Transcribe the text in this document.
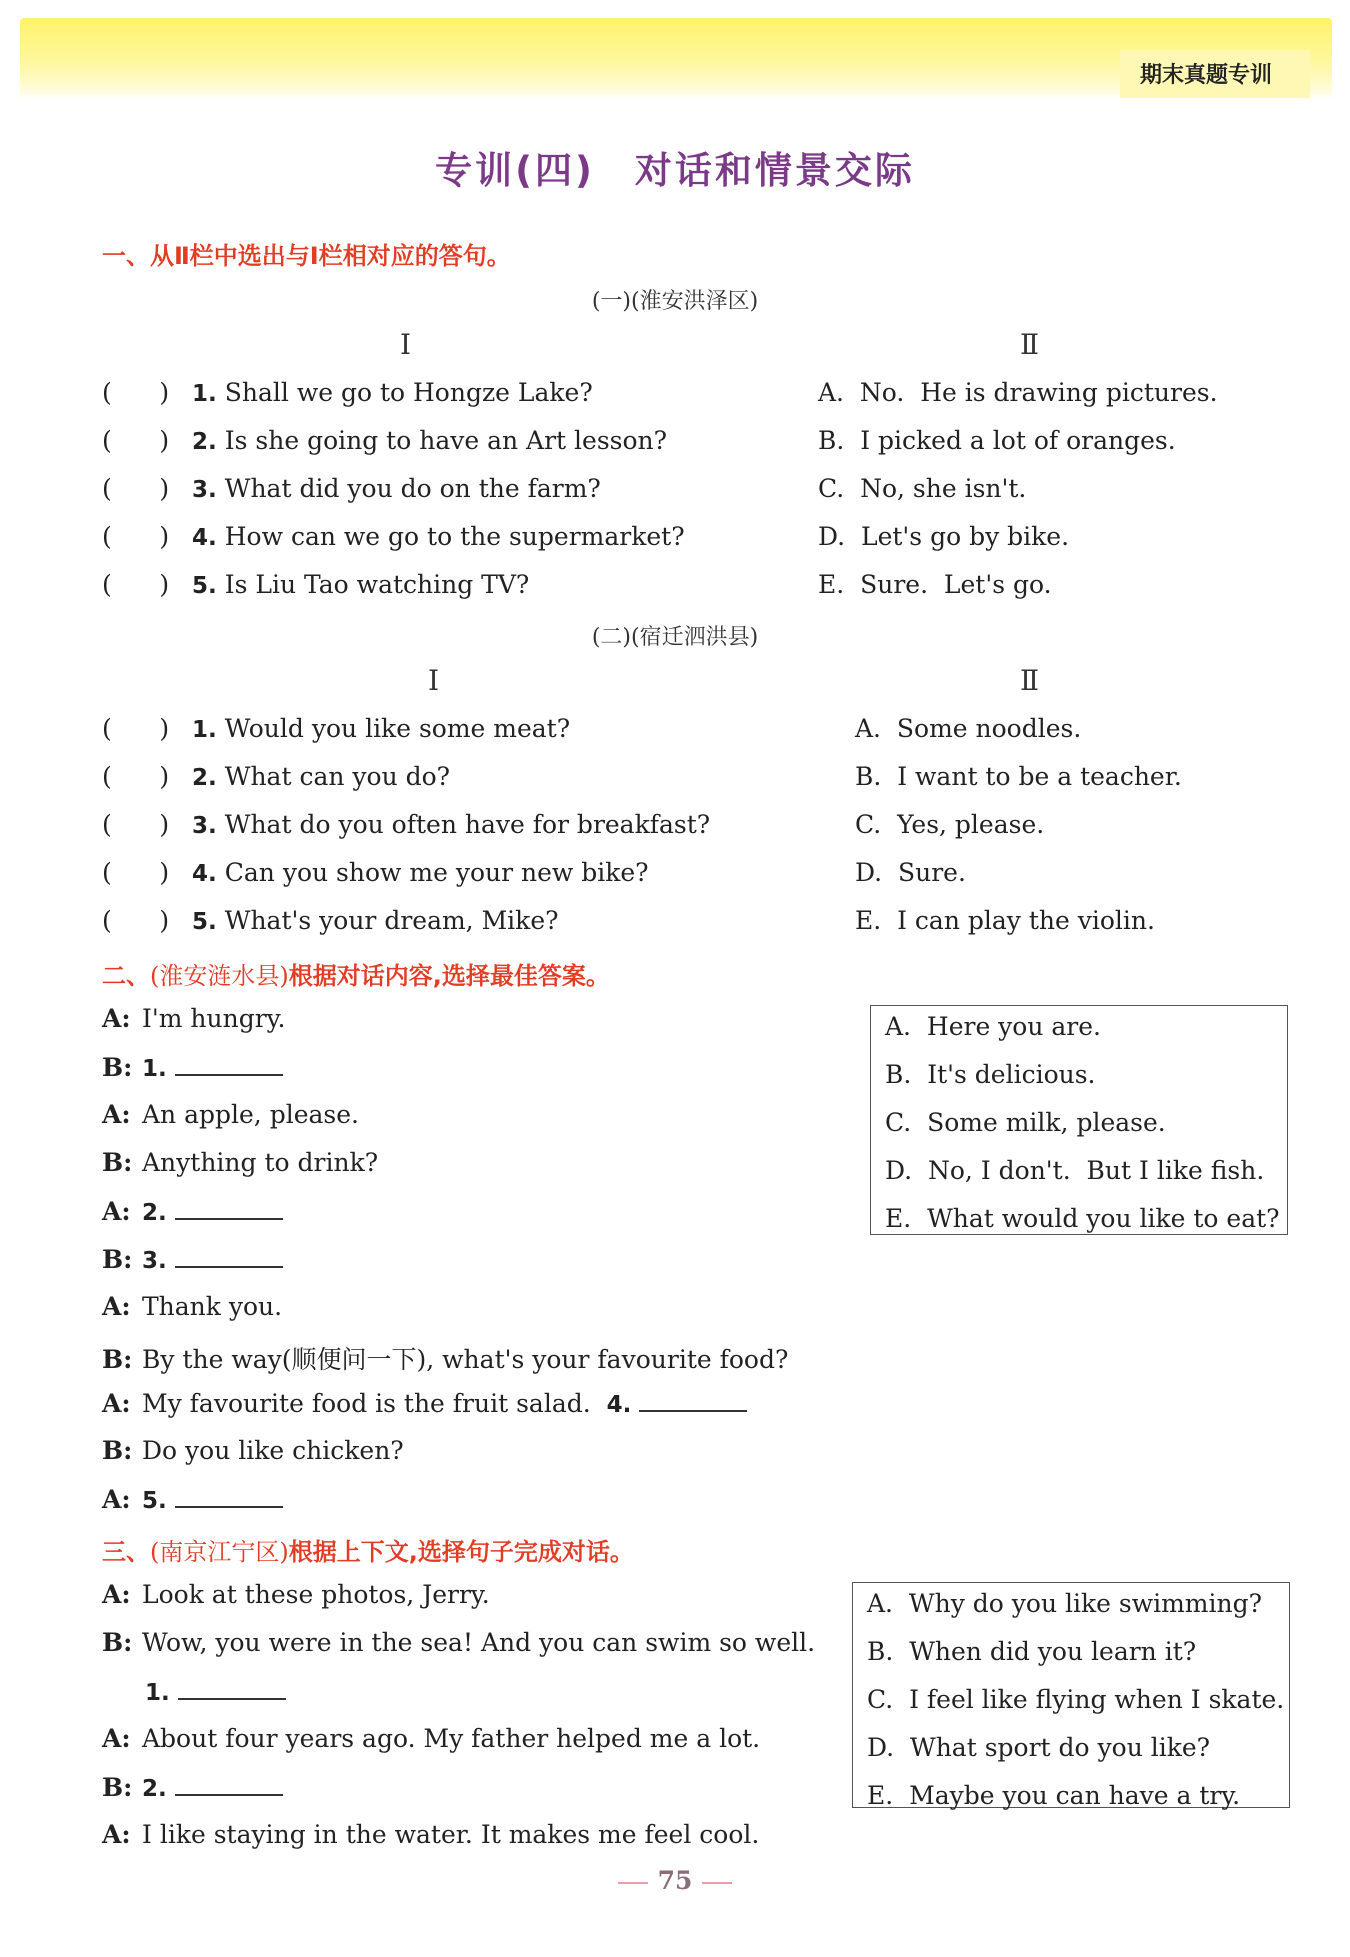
期末真题专训
专训(四)　对话和情景交际
一、从Ⅱ栏中选出与Ⅰ栏相对应的答句。
(一)(淮安洪泽区)
Ⅰ	Ⅱ
(      ) 1. Shall we go to Hongze Lake?
(      ) 2. Is she going to have an Art lesson?
(      ) 3. What did you do on the farm?
(      ) 4. How can we go to the supermarket?
(      ) 5. Is Liu Tao watching TV?
A.  No.  He is drawing pictures.
B.  I picked a lot of oranges.
C.  No, she isn't.
D.  Let's go by bike.
E.  Sure.  Let's go.
(二)(宿迁泗洪县)
Ⅰ	Ⅱ
(      ) 1. Would you like some meat?
(      ) 2. What can you do?
(      ) 3. What do you often have for breakfast?
(      ) 4. Can you show me your new bike?
(      ) 5. What's your dream, Mike?
A.  Some noodles.
B.  I want to be a teacher.
C.  Yes, please.
D.  Sure.
E.  I can play the violin.
二、(淮安涟水县)根据对话内容,选择最佳答案。
A: I'm hungry.
B: 1.
A: An apple, please.
B: Anything to drink?
A: 2.
B: 3.
A: Thank you.
B: By the way(顺便问一下), what's your favourite food?
A: My favourite food is the fruit salad. 4.
B: Do you like chicken?
A: 5.
A.  Here you are.
B.  It's delicious.
C.  Some milk, please.
D.  No, I don't.  But I like fish.
E.  What would you like to eat?
三、(南京江宁区)根据上下文,选择句子完成对话。
A: Look at these photos, Jerry.
B: Wow, you were in the sea! And you can swim so well.
1.
A: About four years ago. My father helped me a lot.
B: 2.
A: I like staying in the water. It makes me feel cool.
A.  Why do you like swimming?
B.  When did you learn it?
C.  I feel like flying when I skate.
D.  What sport do you like?
E.  Maybe you can have a try.
75
